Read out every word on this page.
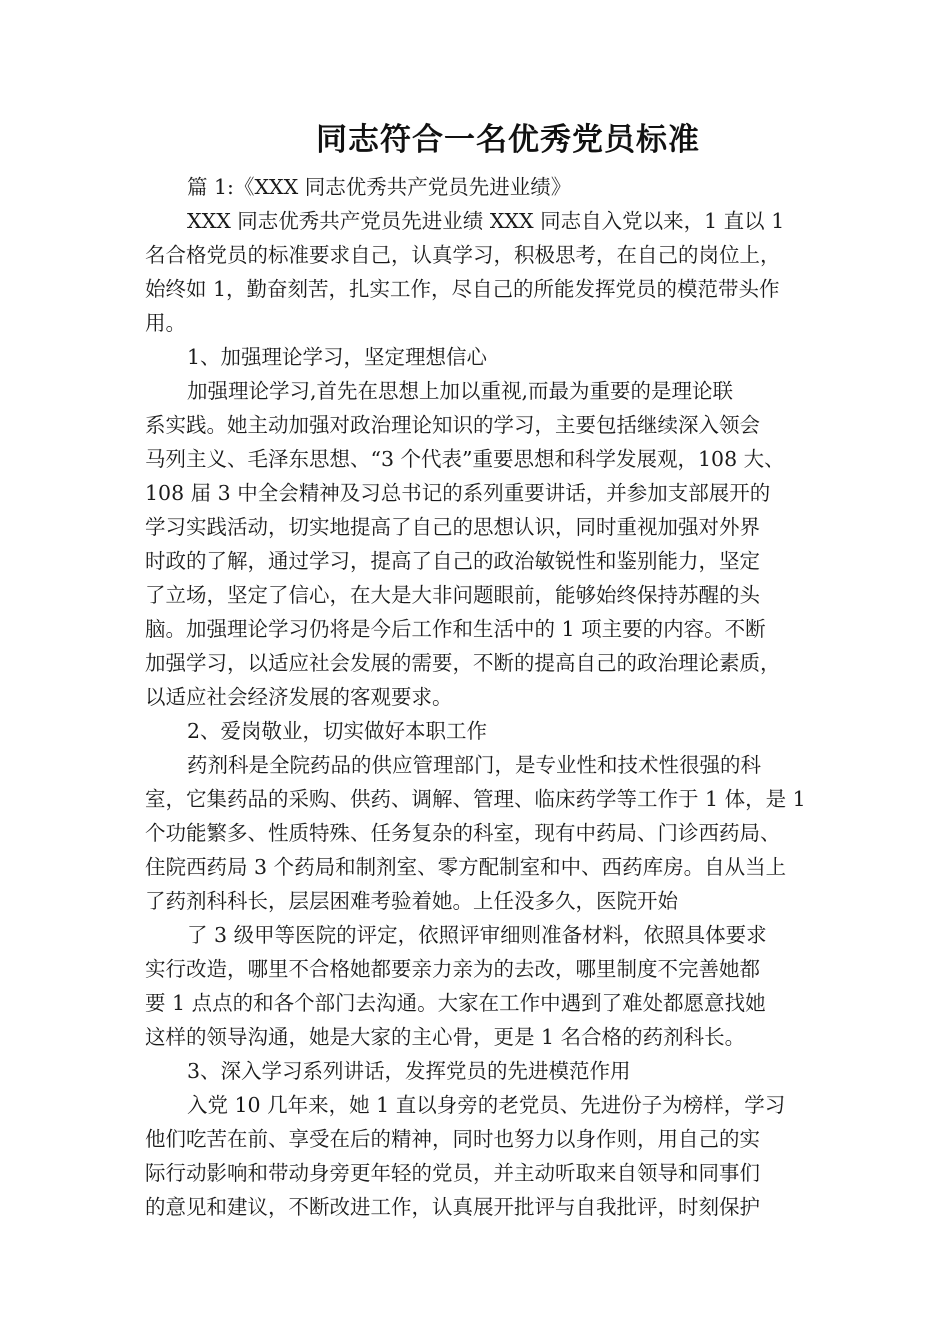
同志符合一名优秀党员标准
篇 1:《XXX 同志优秀共产党员先进业绩》
XXX 同志优秀共产党员先进业绩 XXX 同志自入党以来，1 直以 1
名合格党员的标准要求自己，认真学习，积极思考，在自己的岗位上，
始终如 1，勤奋刻苦，扎实工作，尽自己的所能发挥党员的模范带头作
用。
1、加强理论学习，坚定理想信心
加强理论学习,首先在思想上加以重视,而最为重要的是理论联
系实践。她主动加强对政治理论知识的学习，主要包括继续深入领会
马列主义、毛泽东思想、“3 个代表”重要思想和科学发展观，108 大、
108 届 3 中全会精神及习总书记的系列重要讲话，并参加支部展开的
学习实践活动，切实地提高了自己的思想认识，同时重视加强对外界
时政的了解，通过学习，提高了自己的政治敏锐性和鉴别能力，坚定
了立场，坚定了信心，在大是大非问题眼前，能够始终保持苏醒的头
脑。加强理论学习仍将是今后工作和生活中的 1 项主要的内容。不断
加强学习，以适应社会发展的需要，不断的提高自己的政治理论素质，
以适应社会经济发展的客观要求。
2、爱岗敬业，切实做好本职工作
药剂科是全院药品的供应管理部门，是专业性和技术性很强的科
室，它集药品的采购、供药、调解、管理、临床药学等工作于 1 体，是 1
个功能繁多、性质特殊、任务复杂的科室，现有中药局、门诊西药局、
住院西药局 3 个药局和制剂室、零方配制室和中、西药库房。自从当上
了药剂科科长，层层困难考验着她。上任没多久，医院开始
了 3 级甲等医院的评定，依照评审细则准备材料，依照具体要求
实行改造，哪里不合格她都要亲力亲为的去改，哪里制度不完善她都
要 1 点点的和各个部门去沟通。大家在工作中遇到了难处都愿意找她
这样的领导沟通，她是大家的主心骨，更是 1 名合格的药剂科长。
3、深入学习系列讲话，发挥党员的先进模范作用
入党 10 几年来，她 1 直以身旁的老党员、先进份子为榜样，学习
他们吃苦在前、享受在后的精神，同时也努力以身作则，用自己的实
际行动影响和带动身旁更年轻的党员，并主动听取来自领导和同事们
的意见和建议，不断改进工作，认真展开批评与自我批评，时刻保护
